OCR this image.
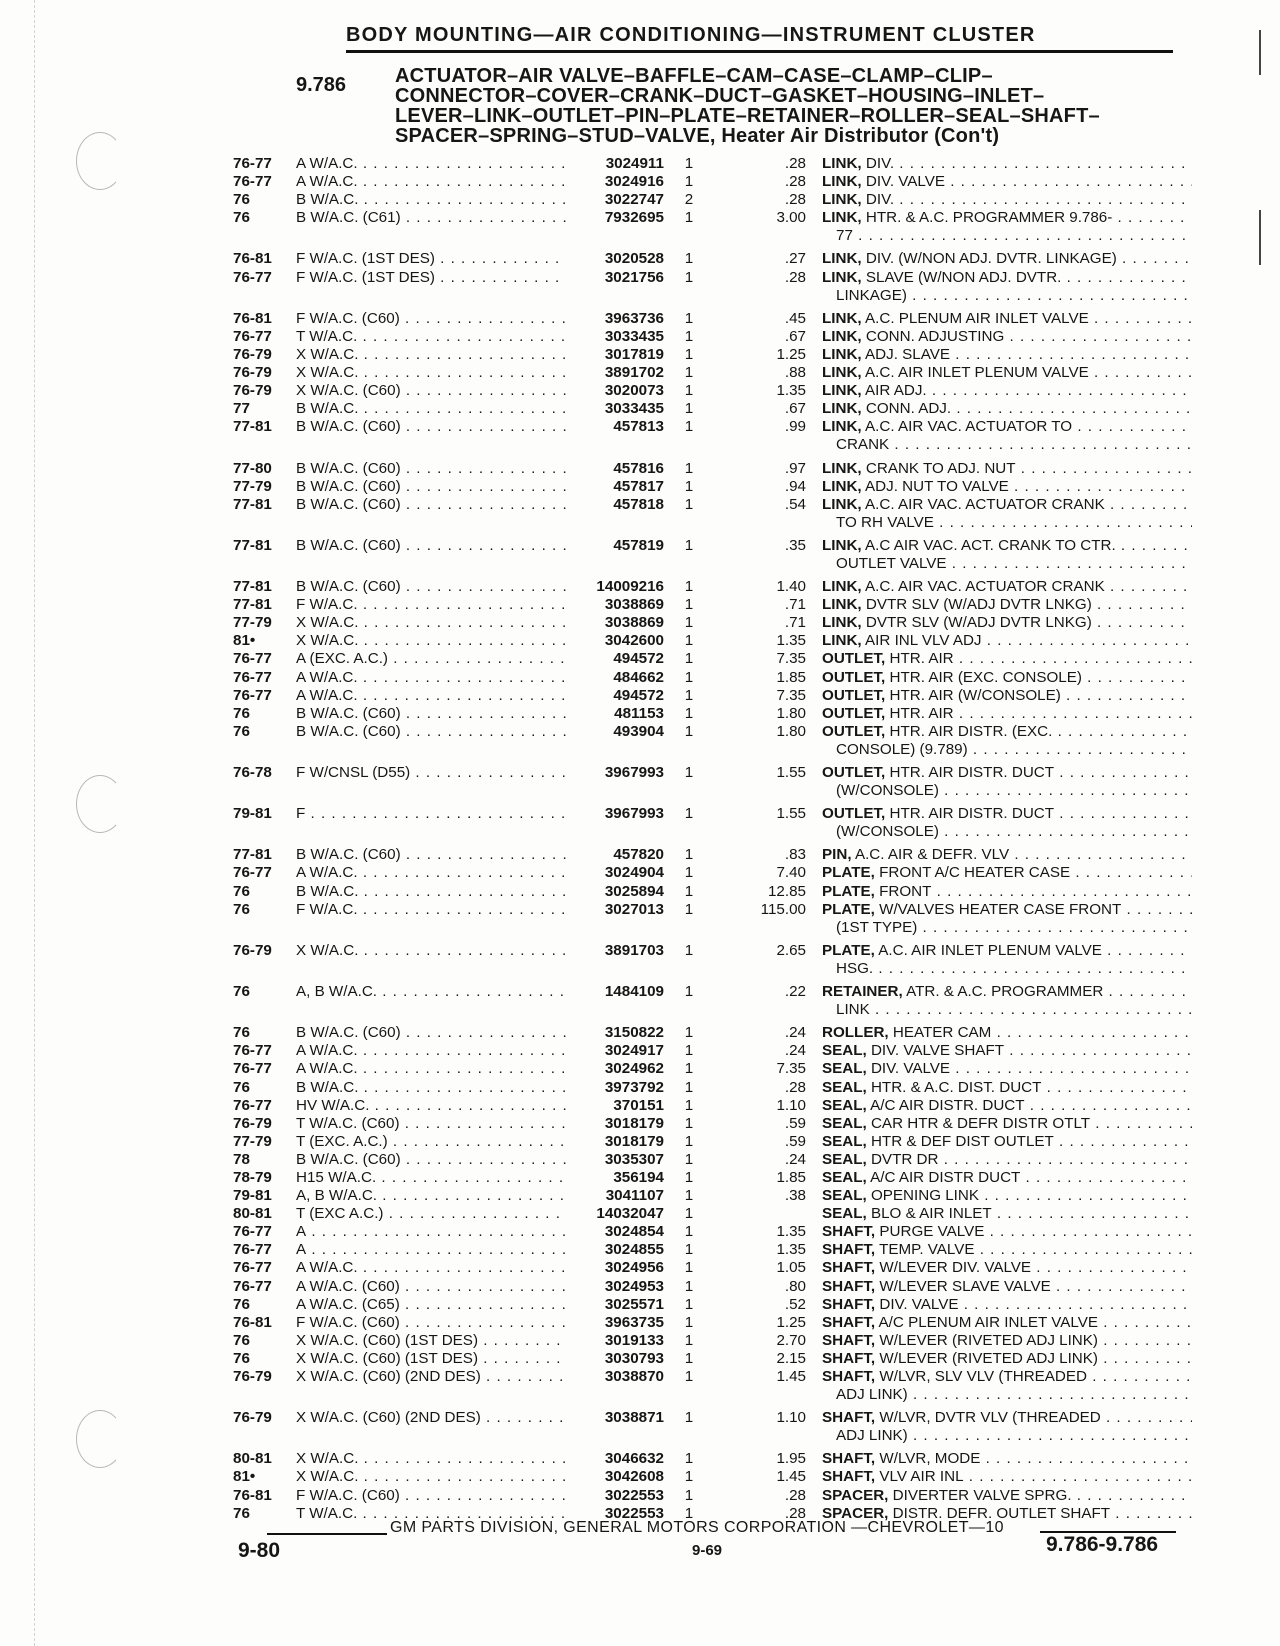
BODY MOUNTING—AIR CONDITIONING—INSTRUMENT CLUSTER
9.786 ACTUATOR–AIR VALVE–BAFFLE–CAM–CASE–CLAMP–CLIP–
CONNECTOR–COVER–CRANK–DUCT–GASKET–HOUSING–INLET–
LEVER–LINK–OUTLET–PIN–PLATE–RETAINER–ROLLER–SEAL–SHAFT–
SPACER–SPRING–STUD–VALVE, Heater Air Distributor (Con't)
76-77	A W/A.C. . . .	3024911	1	.28 LINK, DIV. . . .
76-77	A W/A.C. . . .	3024916	1	.28 LINK, DIV. VALVE . . .
76	B W/A.C. . . .	3022747	2	.28 LINK, DIV. . . .
76	B W/A.C. (C61) . . .	7932695	1	3.00 LINK, HTR. & A.C. PROGRAMMER 9.786- . . .
77 . . .
76-81	F W/A.C. (1ST DES) . . .	3020528	1	.27 LINK, DIV. (W/NON ADJ. DVTR. LINKAGE) . . .
76-77	F W/A.C. (1ST DES) . . .	3021756	1	.28 LINK, SLAVE (W/NON ADJ. DVTR. . . .
LINKAGE) . . .
76-81	F W/A.C. (C60) . . .	3963736	1	.45 LINK, A.C. PLENUM AIR INLET VALVE . . .
76-77	T W/A.C. . . .	3033435	1	.67 LINK, CONN. ADJUSTING . . .
76-79	X W/A.C. . . .	3017819	1	1.25 LINK, ADJ. SLAVE . . .
76-79	X W/A.C. . . .	3891702	1	.88 LINK, A.C. AIR INLET PLENUM VALVE . . .
76-79	X W/A.C. (C60) . . .	3020073	1	1.35 LINK, AIR ADJ. . . .
77	B W/A.C. . . .	3033435	1	.67 LINK, CONN. ADJ. . . .
77-81	B W/A.C. (C60) . . .	457813	1	.99 LINK, A.C. AIR VAC. ACTUATOR TO . . .
CRANK . . .
77-80	B W/A.C. (C60) . . .	457816	1	.97 LINK, CRANK TO ADJ. NUT . . .
77-79	B W/A.C. (C60) . . .	457817	1	.94 LINK, ADJ. NUT TO VALVE . . .
77-81	B W/A.C. (C60) . . .	457818	1	.54 LINK, A.C. AIR VAC. ACTUATOR CRANK . . .
TO RH VALVE . . .
77-81	B W/A.C. (C60) . . .	457819	1	.35 LINK, A.C AIR VAC. ACT. CRANK TO CTR. . . .
OUTLET VALVE . . .
77-81	B W/A.C. (C60) . . .	14009216	1	1.40 LINK, A.C. AIR VAC. ACTUATOR CRANK . . .
77-81	F W/A.C. . . .	3038869	1	.71 LINK, DVTR SLV (W/ADJ DVTR LNKG) . . .
77-79	X W/A.C. . . .	3038869	1	.71 LINK, DVTR SLV (W/ADJ DVTR LNKG) . . .
81•	X W/A.C. . . .	3042600	1	1.35 LINK, AIR INL VLV ADJ . . .
76-77	A (EXC. A.C.) . . .	494572	1	7.35 OUTLET, HTR. AIR . . .
76-77	A W/A.C. . . .	484662	1	1.85 OUTLET, HTR. AIR (EXC. CONSOLE) . . .
76-77	A W/A.C. . . .	494572	1	7.35 OUTLET, HTR. AIR (W/CONSOLE) . . .
76	B W/A.C. (C60) . . .	481153	1	1.80 OUTLET, HTR. AIR . . .
76	B W/A.C. (C60) . . .	493904	1	1.80 OUTLET, HTR. AIR DISTR. (EXC. . . .
CONSOLE) (9.789) . . .
76-78	F W/CNSL (D55) . . .	3967993	1	1.55 OUTLET, HTR. AIR DISTR. DUCT . . .
(W/CONSOLE) . . .
79-81	F . . .	3967993	1	1.55 OUTLET, HTR. AIR DISTR. DUCT . . .
(W/CONSOLE) . . .
77-81	B W/A.C. (C60) . . .	457820	1	.83 PIN, A.C. AIR & DEFR. VLV . . .
76-77	A W/A.C. . . .	3024904	1	7.40 PLATE, FRONT A/C HEATER CASE . . .
76	B W/A.C. . . .	3025894	1	12.85 PLATE, FRONT . . .
76	F W/A.C. . . .	3027013	1	115.00 PLATE, W/VALVES HEATER CASE FRONT . . .
(1ST TYPE) . . .
76-79	X W/A.C. . . .	3891703	1	2.65 PLATE, A.C. AIR INLET PLENUM VALVE . . .
HSG. . . .
76	A, B W/A.C. . . .	1484109	1	.22 RETAINER, ATR. & A.C. PROGRAMMER . . .
LINK . . .
76	B W/A.C. (C60) . . .	3150822	1	.24 ROLLER, HEATER CAM . . .
76-77	A W/A.C. . . .	3024917	1	.24 SEAL, DIV. VALVE SHAFT . . .
76-77	A W/A.C. . . .	3024962	1	7.35 SEAL, DIV. VALVE . . .
76	B W/A.C. . . .	3973792	1	.28 SEAL, HTR. & A.C. DIST. DUCT . . .
76-77	HV W/A.C. . . .	370151	1	1.10 SEAL, A/C AIR DISTR. DUCT . . .
76-79	T W/A.C. (C60) . . .	3018179	1	.59 SEAL, CAR HTR & DEFR DISTR OTLT . . .
77-79	T (EXC. A.C.) . . .	3018179	1	.59 SEAL, HTR & DEF DIST OUTLET . . .
78	B W/A.C. (C60) . . .	3035307	1	.24 SEAL, DVTR DR . . .
78-79	H15 W/A.C. . . .	356194	1	1.85 SEAL, A/C AIR DISTR DUCT . . .
79-81	A, B W/A.C. . . .	3041107	1	.38 SEAL, OPENING LINK . . .
80-81	T (EXC A.C.) . . .	14032047	1	SEAL, BLO & AIR INLET . . .
76-77	A . . .	3024854	1	1.35 SHAFT, PURGE VALVE . . .
76-77	A . . .	3024855	1	1.35 SHAFT, TEMP. VALVE . . .
76-77	A W/A.C. . . .	3024956	1	1.05 SHAFT, W/LEVER DIV. VALVE . . .
76-77	A W/A.C. (C60) . . .	3024953	1	.80 SHAFT, W/LEVER SLAVE VALVE . . .
76	A W/A.C. (C65) . . .	3025571	1	.52 SHAFT, DIV. VALVE . . .
76-81	F W/A.C. (C60) . . .	3963735	1	1.25 SHAFT, A/C PLENUM AIR INLET VALVE . . .
76	X W/A.C. (C60) (1ST DES) . . .	3019133	1	2.70 SHAFT, W/LEVER (RIVETED ADJ LINK) . . .
76	X W/A.C. (C60) (1ST DES) . . .	3030793	1	2.15 SHAFT, W/LEVER (RIVETED ADJ LINK) . . .
76-79	X W/A.C. (C60) (2ND DES) . . .	3038870	1	1.45 SHAFT, W/LVR, SLV VLV (THREADED . . .
ADJ LINK) . . .
76-79	X W/A.C. (C60) (2ND DES) . . .	3038871	1	1.10 SHAFT, W/LVR, DVTR VLV (THREADED . . .
ADJ LINK) . . .
80-81	X W/A.C. . . .	3046632	1	1.95 SHAFT, W/LVR, MODE . . .
81•	X W/A.C. . . .	3042608	1	1.45 SHAFT, VLV AIR INL . . .
76-81	F W/A.C. (C60) . . .	3022553	1	.28 SPACER, DIVERTER VALVE SPRG. . . .
76	T W/A.C. . . .	3022553	1	.28 SPACER, DISTR. DEFR. OUTLET SHAFT . . .
GM PARTS DIVISION, GENERAL MOTORS CORPORATION —CHEVROLET—10
9-80	9-69	9.786-9.786
